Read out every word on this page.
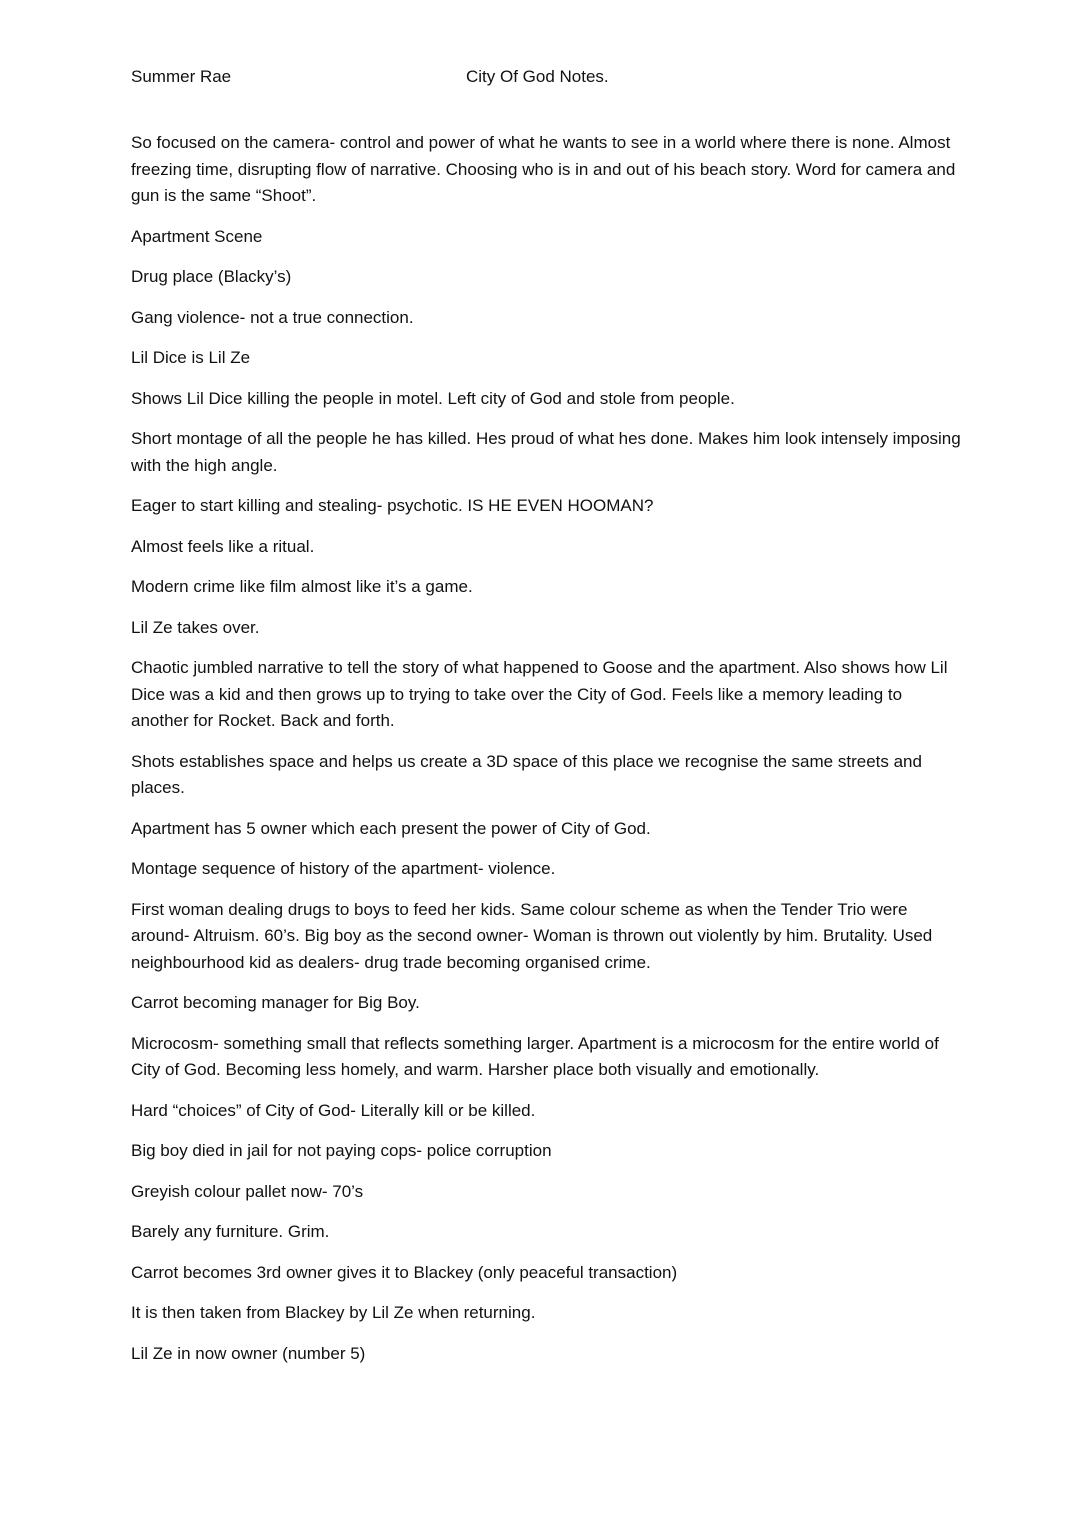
Summer Rae	City Of God Notes.

So focused on the camera- control and power of what he wants to see in a world where there is none. Almost freezing time, disrupting flow of narrative. Choosing who is in and out of his beach story. Word for camera and gun is the same “Shoot”.

Apartment Scene

Drug place (Blacky’s)

Gang violence- not a true connection.

Lil Dice is Lil Ze

Shows Lil Dice killing the people in motel. Left city of God and stole from people.

Short montage of all the people he has killed. Hes proud of what hes done. Makes him look intensely imposing with the high angle.

Eager to start killing and stealing- psychotic. IS HE EVEN HOOMAN?

Almost feels like a ritual.

Modern crime like film almost like it’s a game.

Lil Ze takes over.

Chaotic jumbled narrative to tell the story of what happened to Goose and the apartment. Also shows how Lil Dice was a kid and then grows up to trying to take over the City of God. Feels like a memory leading to another for Rocket. Back and forth.

Shots establishes space and helps us create a 3D space of this place we recognise the same streets and places.

Apartment has 5 owner which each present the power of City of God.

Montage sequence of history of the apartment- violence.

First woman dealing drugs to boys to feed her kids. Same colour scheme as when the Tender Trio were around- Altruism. 60’s. Big boy as the second owner- Woman is thrown out violently by him. Brutality. Used neighbourhood kid as dealers- drug trade becoming organised crime.

Carrot becoming manager for Big Boy.

Microcosm- something small that reflects something larger. Apartment is a microcosm for the entire world of City of God. Becoming less homely, and warm. Harsher place both visually and emotionally.

Hard “choices” of City of God- Literally kill or be killed.

Big boy died in jail for not paying cops- police corruption

Greyish colour pallet now- 70’s

Barely any furniture. Grim.

Carrot becomes 3rd owner gives it to Blackey (only peaceful transaction)

It is then taken from Blackey by Lil Ze when returning.

Lil Ze in now owner (number 5)
